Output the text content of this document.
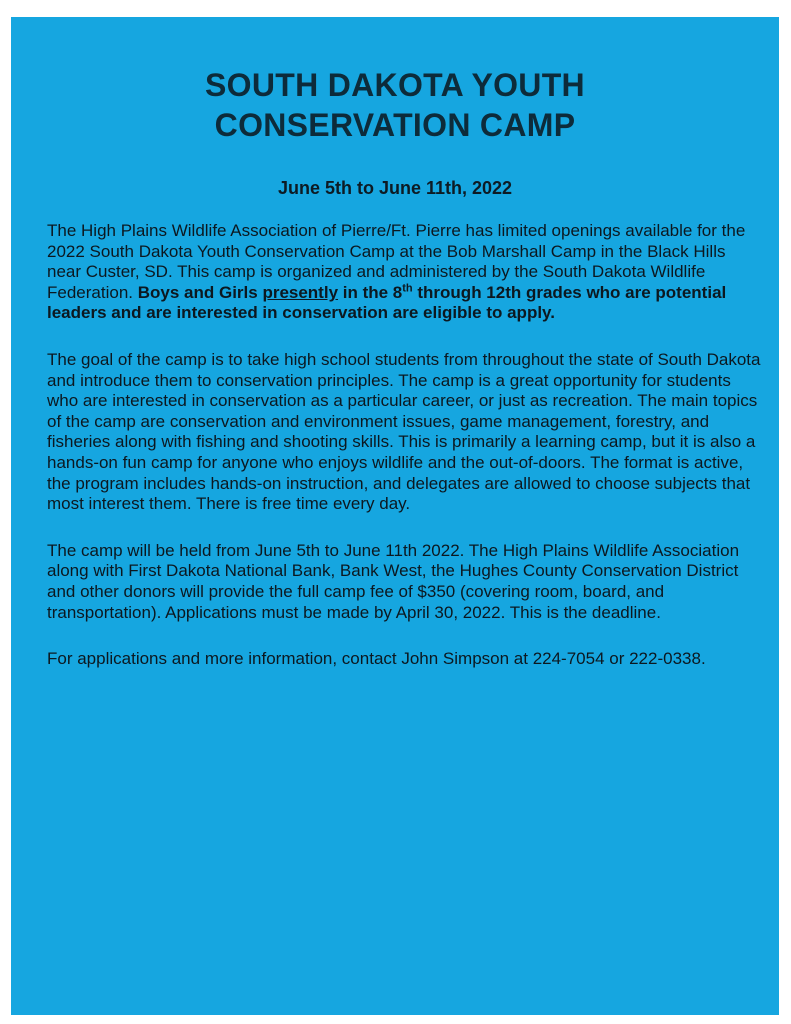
SOUTH DAKOTA YOUTH
CONSERVATION CAMP
June 5th to June 11th, 2022

The High Plains Wildlife Association of Pierre/Ft. Pierre has limited openings available for the 2022 South Dakota Youth Conservation Camp at the Bob Marshall Camp in the Black Hills near Custer, SD. This camp is organized and administered by the South Dakota Wildlife Federation. Boys and Girls presently in the 8th through 12th grades who are potential leaders and are interested in conservation are eligible to apply.

The goal of the camp is to take high school students from throughout the state of South Dakota and introduce them to conservation principles. The camp is a great opportunity for students who are interested in conservation as a particular career, or just as recreation. The main topics of the camp are conservation and environment issues, game management, forestry, and fisheries along with fishing and shooting skills. This is primarily a learning camp, but it is also a hands-on fun camp for anyone who enjoys wildlife and the out-of-doors. The format is active, the program includes hands-on instruction, and delegates are allowed to choose subjects that most interest them. There is free time every day.

The camp will be held from June 5th to June 11th 2022. The High Plains Wildlife Association along with First Dakota National Bank, Bank West, the Hughes County Conservation District and other donors will provide the full camp fee of $350 (covering room, board, and transportation). Applications must be made by April 30, 2022. This is the deadline.

For applications and more information, contact John Simpson at 224-7054 or 222-0338.
